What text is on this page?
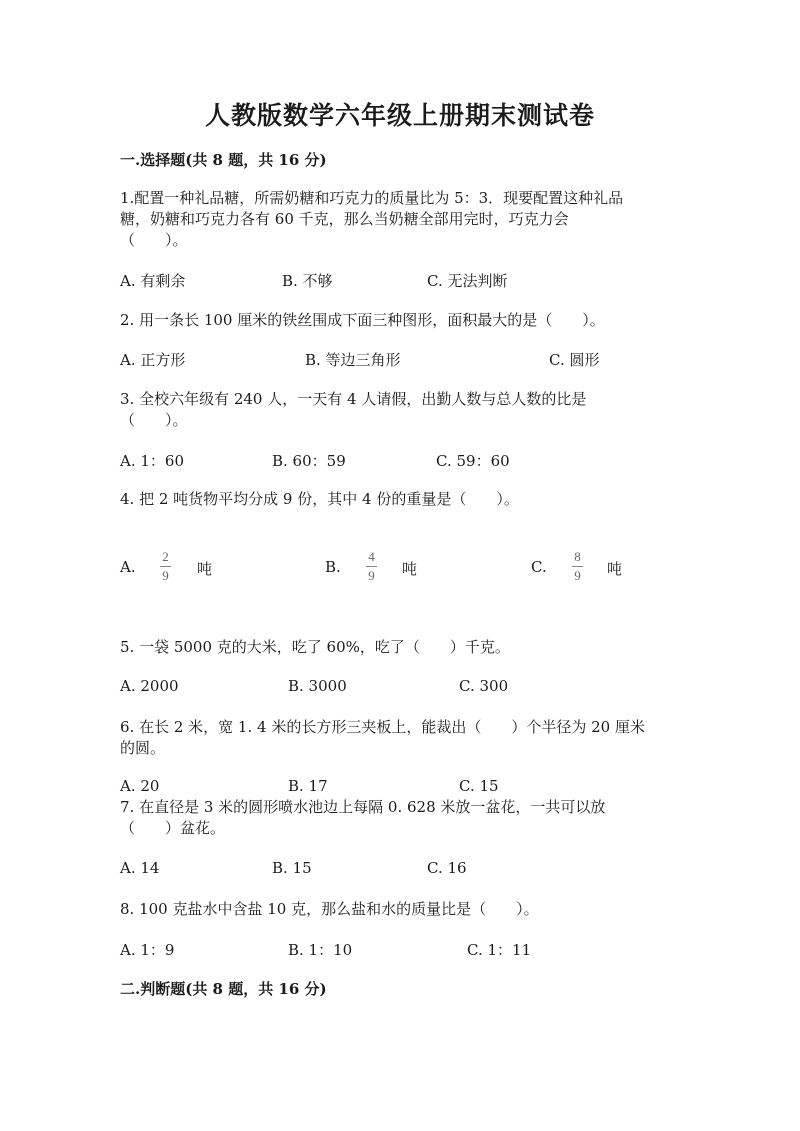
人教版数学六年级上册期末测试卷
一.选择题(共 8 题，共 16 分)
1.配置一种礼品糖，所需奶糖和巧克力的质量比为 5：3．现要配置这种礼品
糖，奶糖和巧克力各有 60 千克，那么当奶糖全部用完时，巧克力会
（　　）。
A. 有剩余	B. 不够	C. 无法判断
2. 用一条长 100 厘米的铁丝围成下面三种图形，面积最大的是（　　）。
A. 正方形	B. 等边三角形	C. 圆形
3. 全校六年级有 240 人，一天有 4 人请假，出勤人数与总人数的比是
（　　）。
A. 1：60	B. 60：59	C. 59：60
4. 把 2 吨货物平均分成 9 份，其中 4 份的重量是（　　）。
A.
2
9 吨	B.
4
9 吨	C.
8
9 吨
5. 一袋 5000 克的大米，吃了 60%，吃了（　　）千克。
A. 2000	B. 3000	C. 300
6. 在长 2 米，宽 1. 4 米的长方形三夹板上，能裁出（　　）个半径为 20 厘米
的圆。
A. 20	B. 17	C. 15
7. 在直径是 3 米的圆形喷水池边上每隔 0. 628 米放一盆花，一共可以放
（　　）盆花。
A. 14	B. 15	C. 16
8. 100 克盐水中含盐 10 克，那么盐和水的质量比是（　　）。
A. 1：9	B. 1：10	C. 1：11
二.判断题(共 8 题，共 16 分)
